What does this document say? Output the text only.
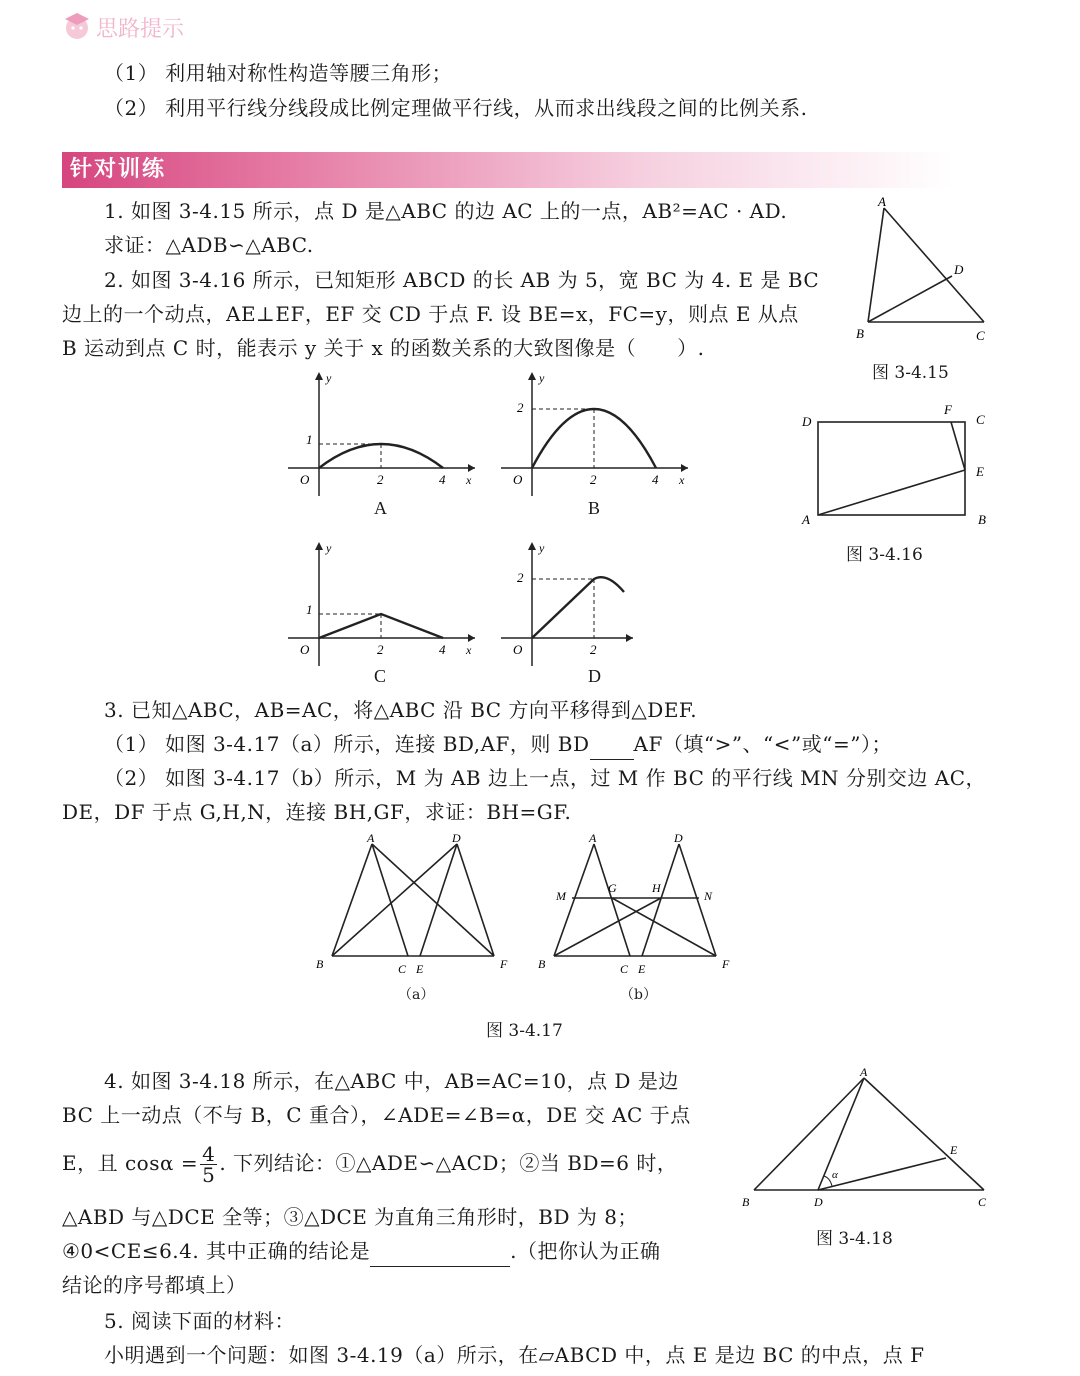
思路提示
（1） 利用轴对称性构造等腰三角形；
（2） 利用平行线分线段成比例定理做平行线，从而求出线段之间的比例关系.
针对训练
1. 如图 3-4.15 所示，点 D 是△ABC 的边 AC 上的一点，AB²=AC · AD.
求证：△ADB∽△ABC.
2. 如图 3-4.16 所示，已知矩形 ABCD 的长 AB 为 5，宽 BC 为 4. E 是 BC
边上的一个动点，AE⊥EF，EF 交 CD 于点 F. 设 BE=x，FC=y，则点 E 从点
B 运动到点 C 时，能表示 y 关于 x 的函数关系的大致图像是（　　）.
A
D
B	C
图 3-4.15
D
F
C
E
A	B
图 3-4.16
y
1
O	2	4 x
A
y
2
O	2	4 x
B
y
1
O	2	4 x
C
y
2
O	2
D
3. 已知△ABC，AB=AC，将△ABC 沿 BC 方向平移得到△DEF.
（1） 如图 3-4.17（a）所示，连接 BD,AF，则 BD AF（填“>”、“<”或“=”）；
（2） 如图 3-4.17（b）所示，M 为 AB 边上一点，过 M 作 BC 的平行线 MN 分别交边 AC，
DE，DF 于点 G,H,N，连接 BH,GF，求证：BH=GF.
A	D
B	C E	F
（a）
A	D
M
G	H
N
B	C E	F
（b）
图 3-4.17
4. 如图 3-4.18 所示，在△ABC 中，AB=AC=10，点 D 是边
BC 上一动点（不与 B，C 重合），∠ADE=∠B=α，DE 交 AC 于点
E，且 $\cos\alpha = \frac{4}{5}$ . 下列结论：①△ADE∽△ACD；②当 BD=6 时，
△ABD 与△DCE 全等；③△DCE 为直角三角形时，BD 为 8；
④0<CE≤6.4. 其中正确的结论是	.（把你认为正确
结论的序号都填上）
A
E
α
B	D	C
图 3-4.18
5. 阅读下面的材料：
小明遇到一个问题：如图 3-4.19（a）所示，在▱ABCD 中，点 E 是边 BC 的中点，点 F
